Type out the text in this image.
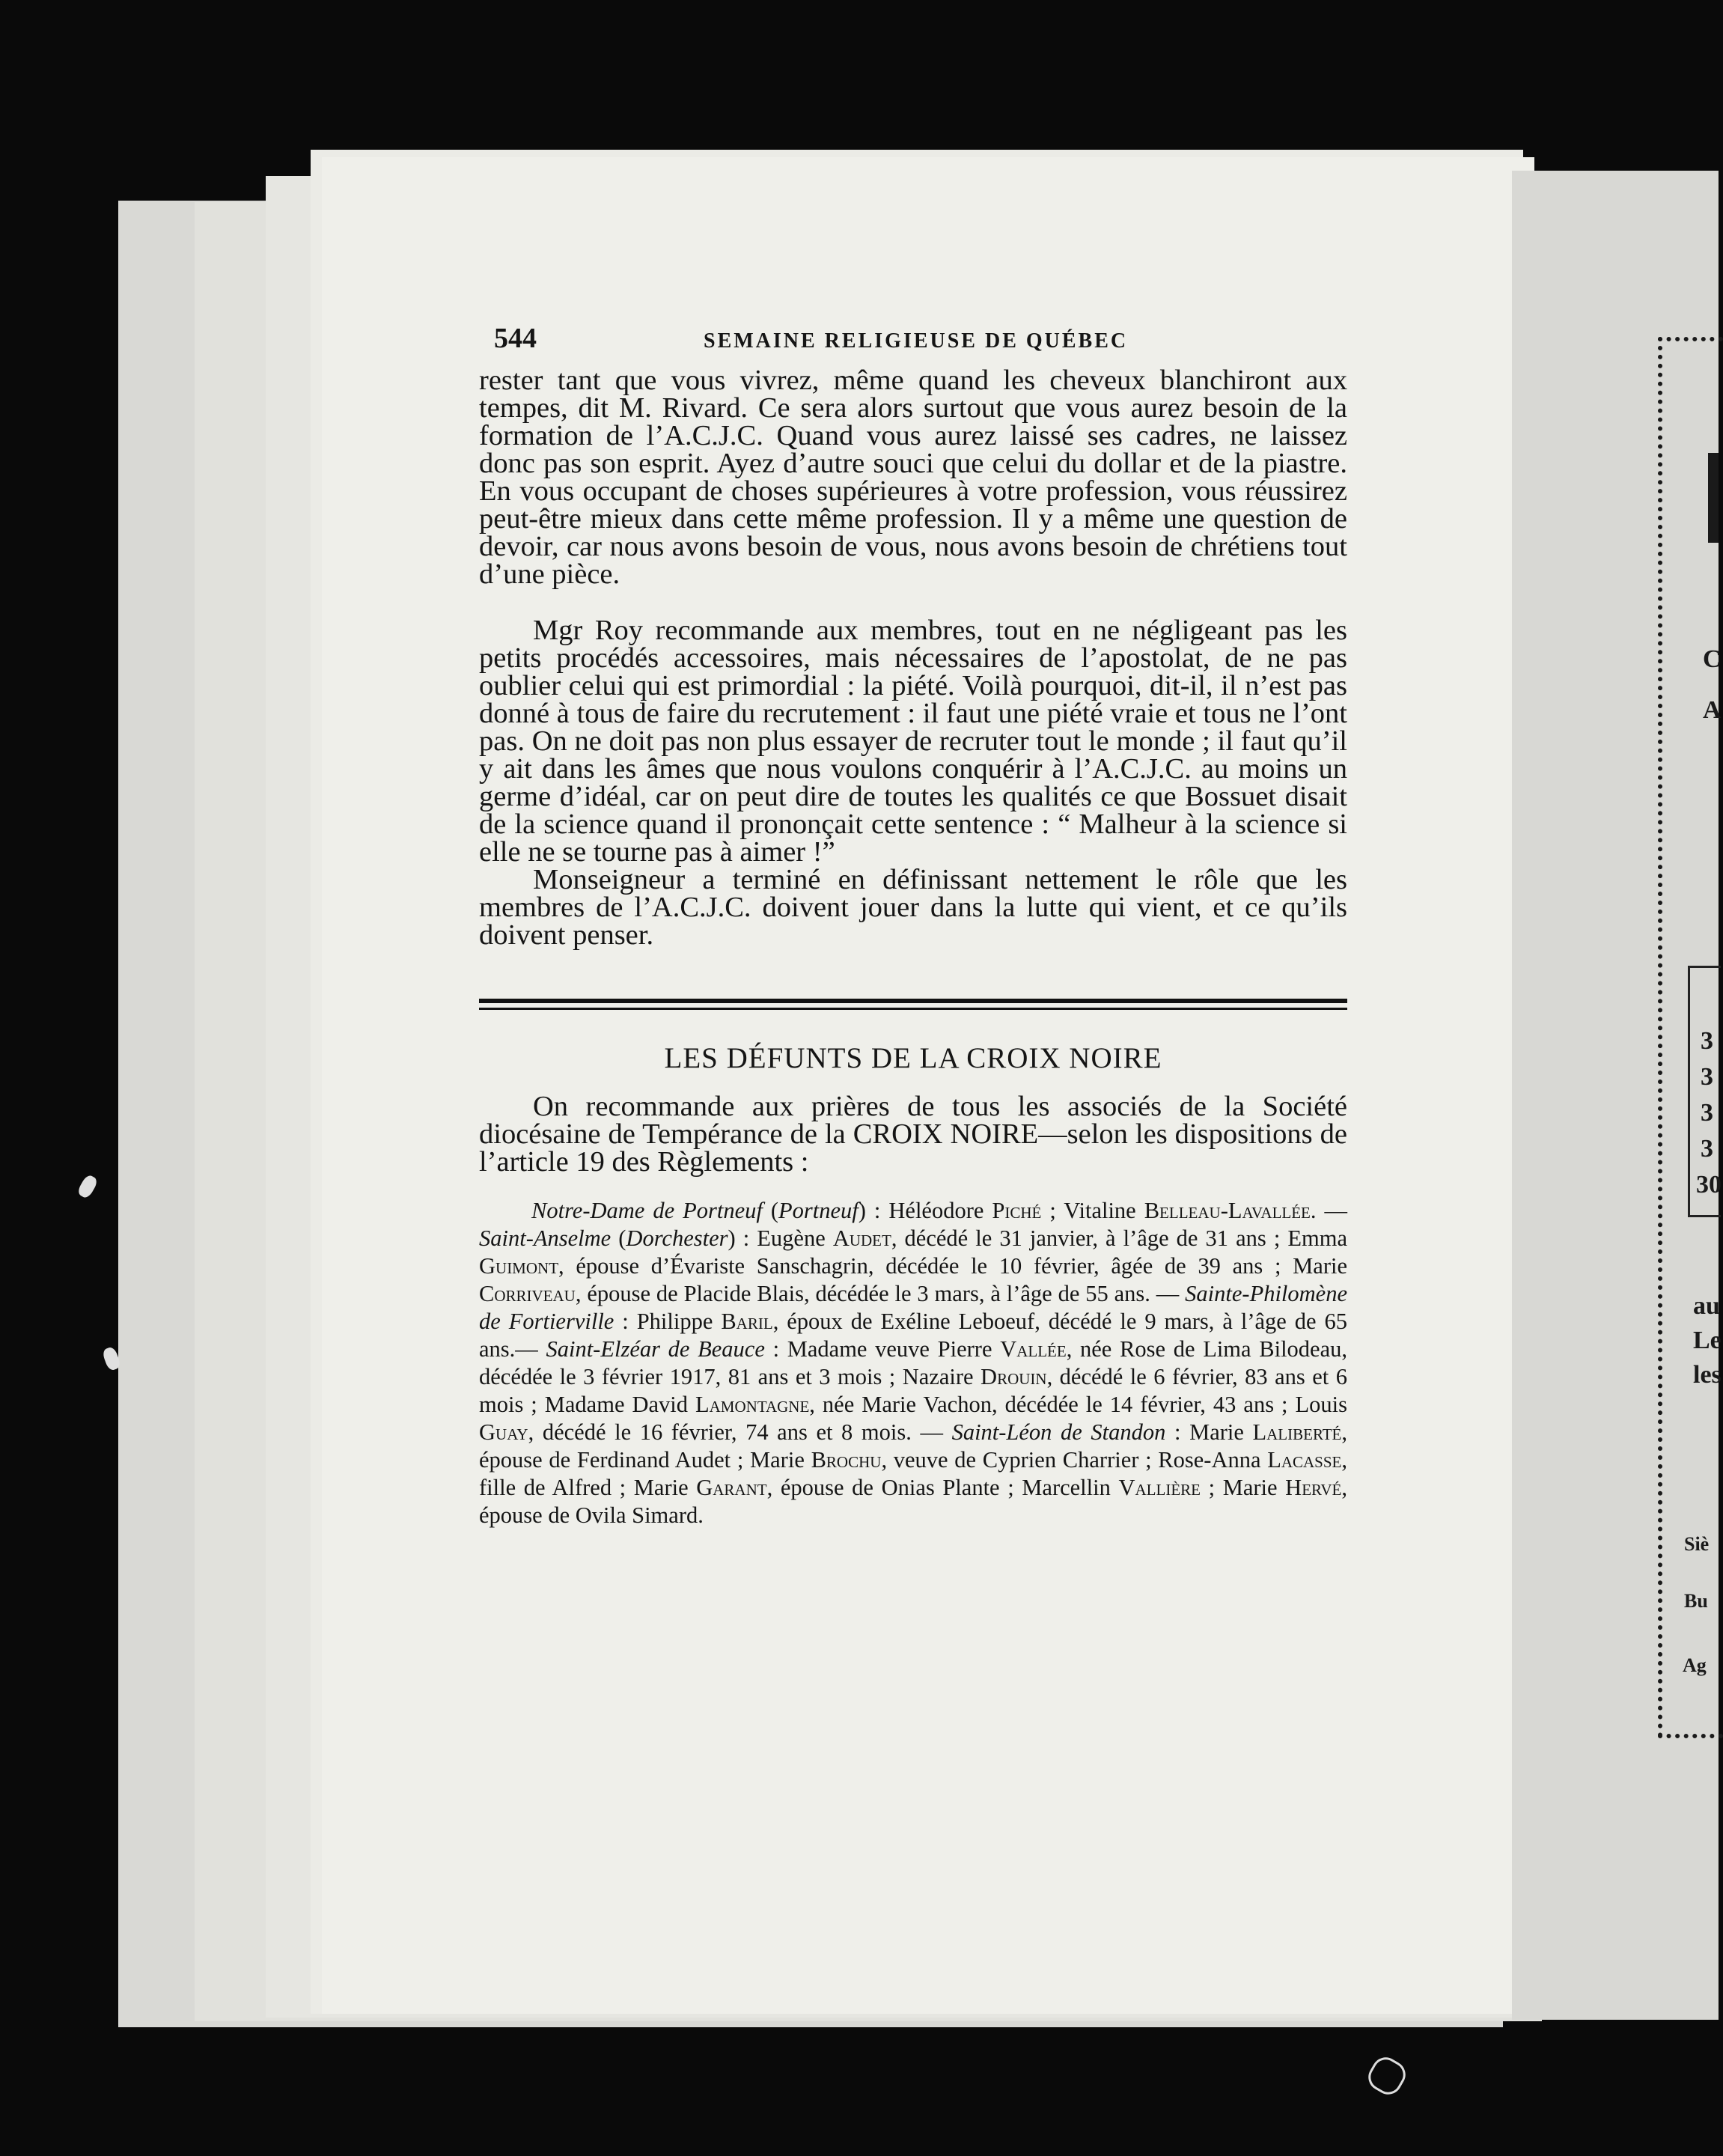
C
A
3
3
3
3
30
au
Le
les
Siè
Bu
Ag
544	SEMAINE RELIGIEUSE DE QUÉBEC

rester tant que vous vivrez, même quand les cheveux blanchiront aux tempes, dit M. Rivard. Ce sera alors surtout que vous aurez besoin de la formation de l’A.C.J.C. Quand vous aurez laissé ses cadres, ne laissez donc pas son esprit. Ayez d’autre souci que celui du dollar et de la piastre. En vous occupant de choses supérieures à votre profession, vous réussirez peut-être mieux dans cette même profession. Il y a même une question de devoir, car nous avons besoin de vous, nous avons besoin de chrétiens tout d’une pièce.

Mgr Roy recommande aux membres, tout en ne négligeant pas les petits procédés accessoires, mais nécessaires de l’apostolat, de ne pas oublier celui qui est primordial : la piété. Voilà pourquoi, dit-il, il n’est pas donné à tous de faire du recrutement : il faut une piété vraie et tous ne l’ont pas. On ne doit pas non plus essayer de recruter tout le monde ; il faut qu’il y ait dans les âmes que nous voulons conquérir à l’A.C.J.C. au moins un germe d’idéal, car on peut dire de toutes les qualités ce que Bossuet disait de la science quand il prononçait cette sentence : “ Malheur à la science si elle ne se tourne pas à aimer !”

Monseigneur a terminé en définissant nettement le rôle que les membres de l’A.C.J.C. doivent jouer dans la lutte qui vient, et ce qu’ils doivent penser.

LES DÉFUNTS DE LA CROIX NOIRE

On recommande aux prières de tous les associés de la Société diocésaine de Tempérance de la CROIX NOIRE—selon les dispositions de l’article 19 des Règlements :

Notre-Dame de Portneuf (Portneuf) : Héléodore Piché ; Vitaline Belleau-Lavallée. — Saint-Anselme (Dorchester) : Eugène Audet, décédé le 31 janvier, à l’âge de 31 ans ; Emma Guimont, épouse d’Évariste Sanschagrin, décédée le 10 février, âgée de 39 ans ; Marie Corriveau, épouse de Placide Blais, décédée le 3 mars, à l’âge de 55 ans. — Sainte-Philomène de Fortierville : Philippe Baril, époux de Exéline Leboeuf, décédé le 9 mars, à l’âge de 65 ans.— Saint-Elzéar de Beauce : Madame veuve Pierre Vallée, née Rose de Lima Bilodeau, décédée le 3 février 1917, 81 ans et 3 mois ; Nazaire Drouin, décédé le 6 février, 83 ans et 6 mois ; Madame David Lamontagne, née Marie Vachon, décédée le 14 février, 43 ans ; Louis Guay, décédé le 16 février, 74 ans et 8 mois. — Saint-Léon de Standon : Marie Laliberté, épouse de Ferdinand Audet ; Marie Brochu, veuve de Cyprien Charrier ; Rose-Anna Lacasse, fille de Alfred ; Marie Garant, épouse de Onias Plante ; Marcellin Vallière ; Marie Hervé, épouse de Ovila Simard.
